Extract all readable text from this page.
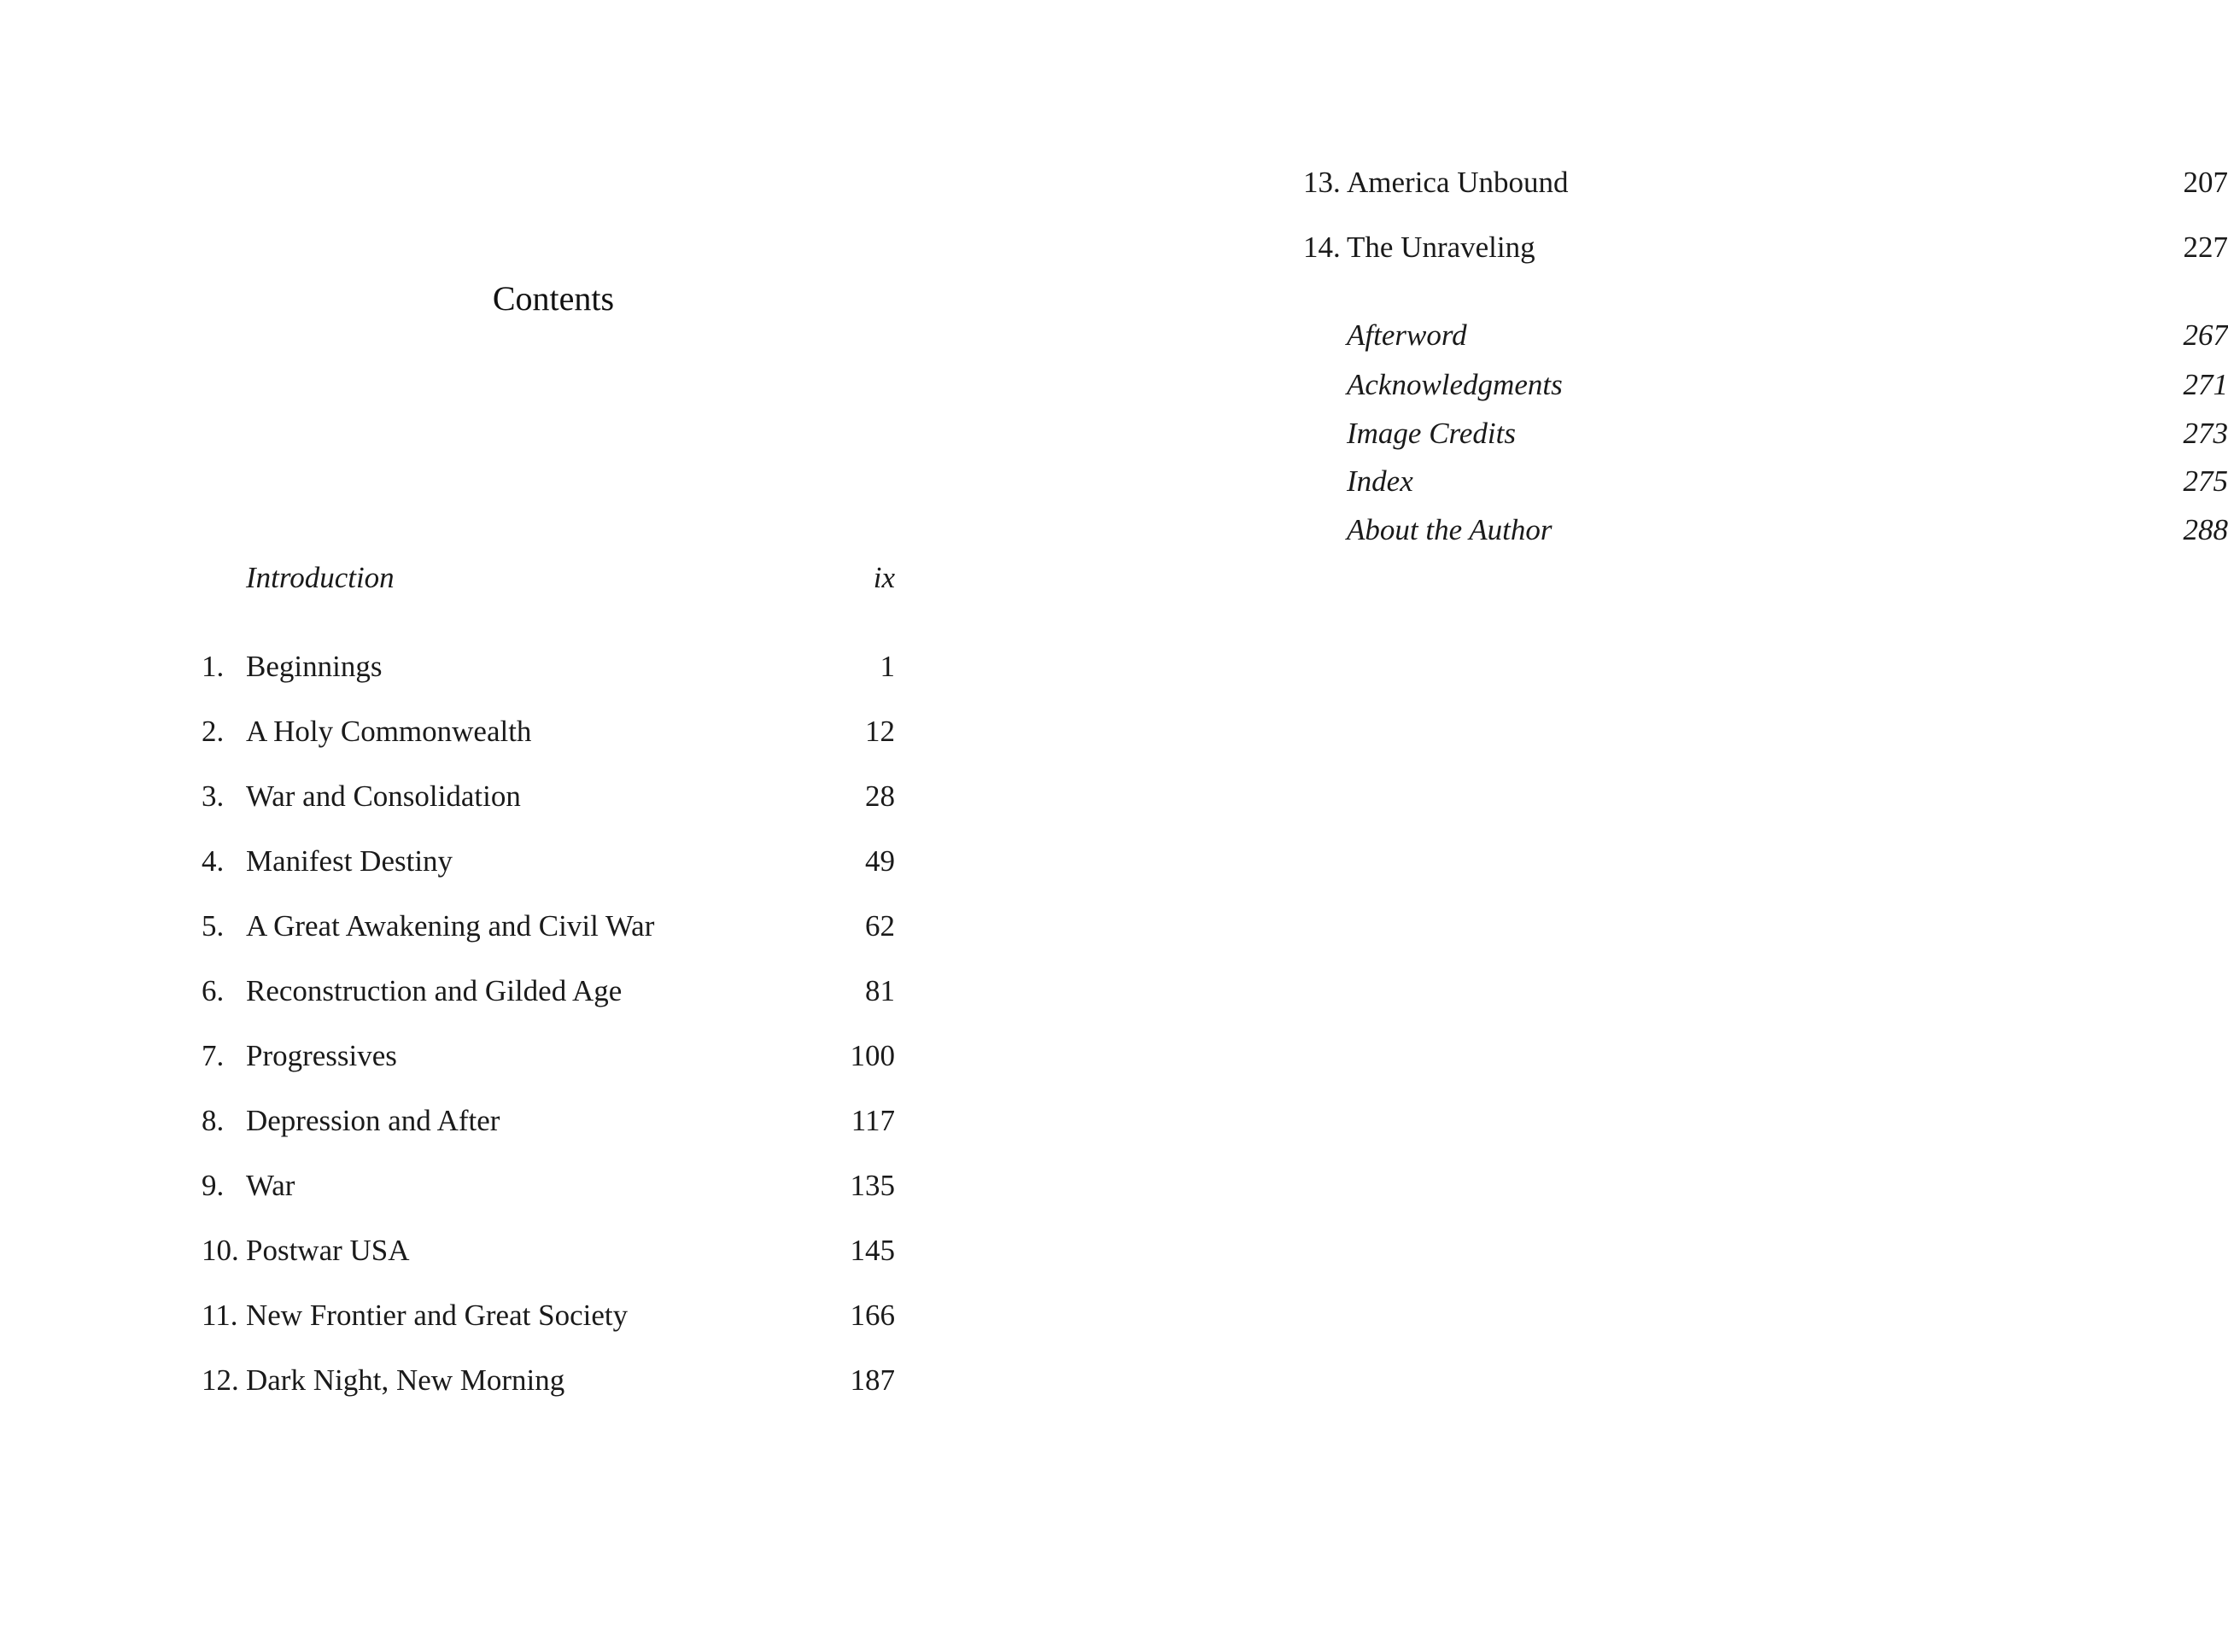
Contents
Introduction	ix
1. Beginnings	1
2. A Holy Commonwealth	12
3. War and Consolidation	28
4. Manifest Destiny	49
5. A Great Awakening and Civil War	62
6. Reconstruction and Gilded Age	81
7. Progressives	100
8. Depression and After	117
9. War	135
10. Postwar USA	145
11. New Frontier and Great Society	166
12. Dark Night, New Morning	187
13. America Unbound	207
14. The Unraveling	227
Afterword	267
Acknowledgments	271
Image Credits	273
Index	275
About the Author	288
